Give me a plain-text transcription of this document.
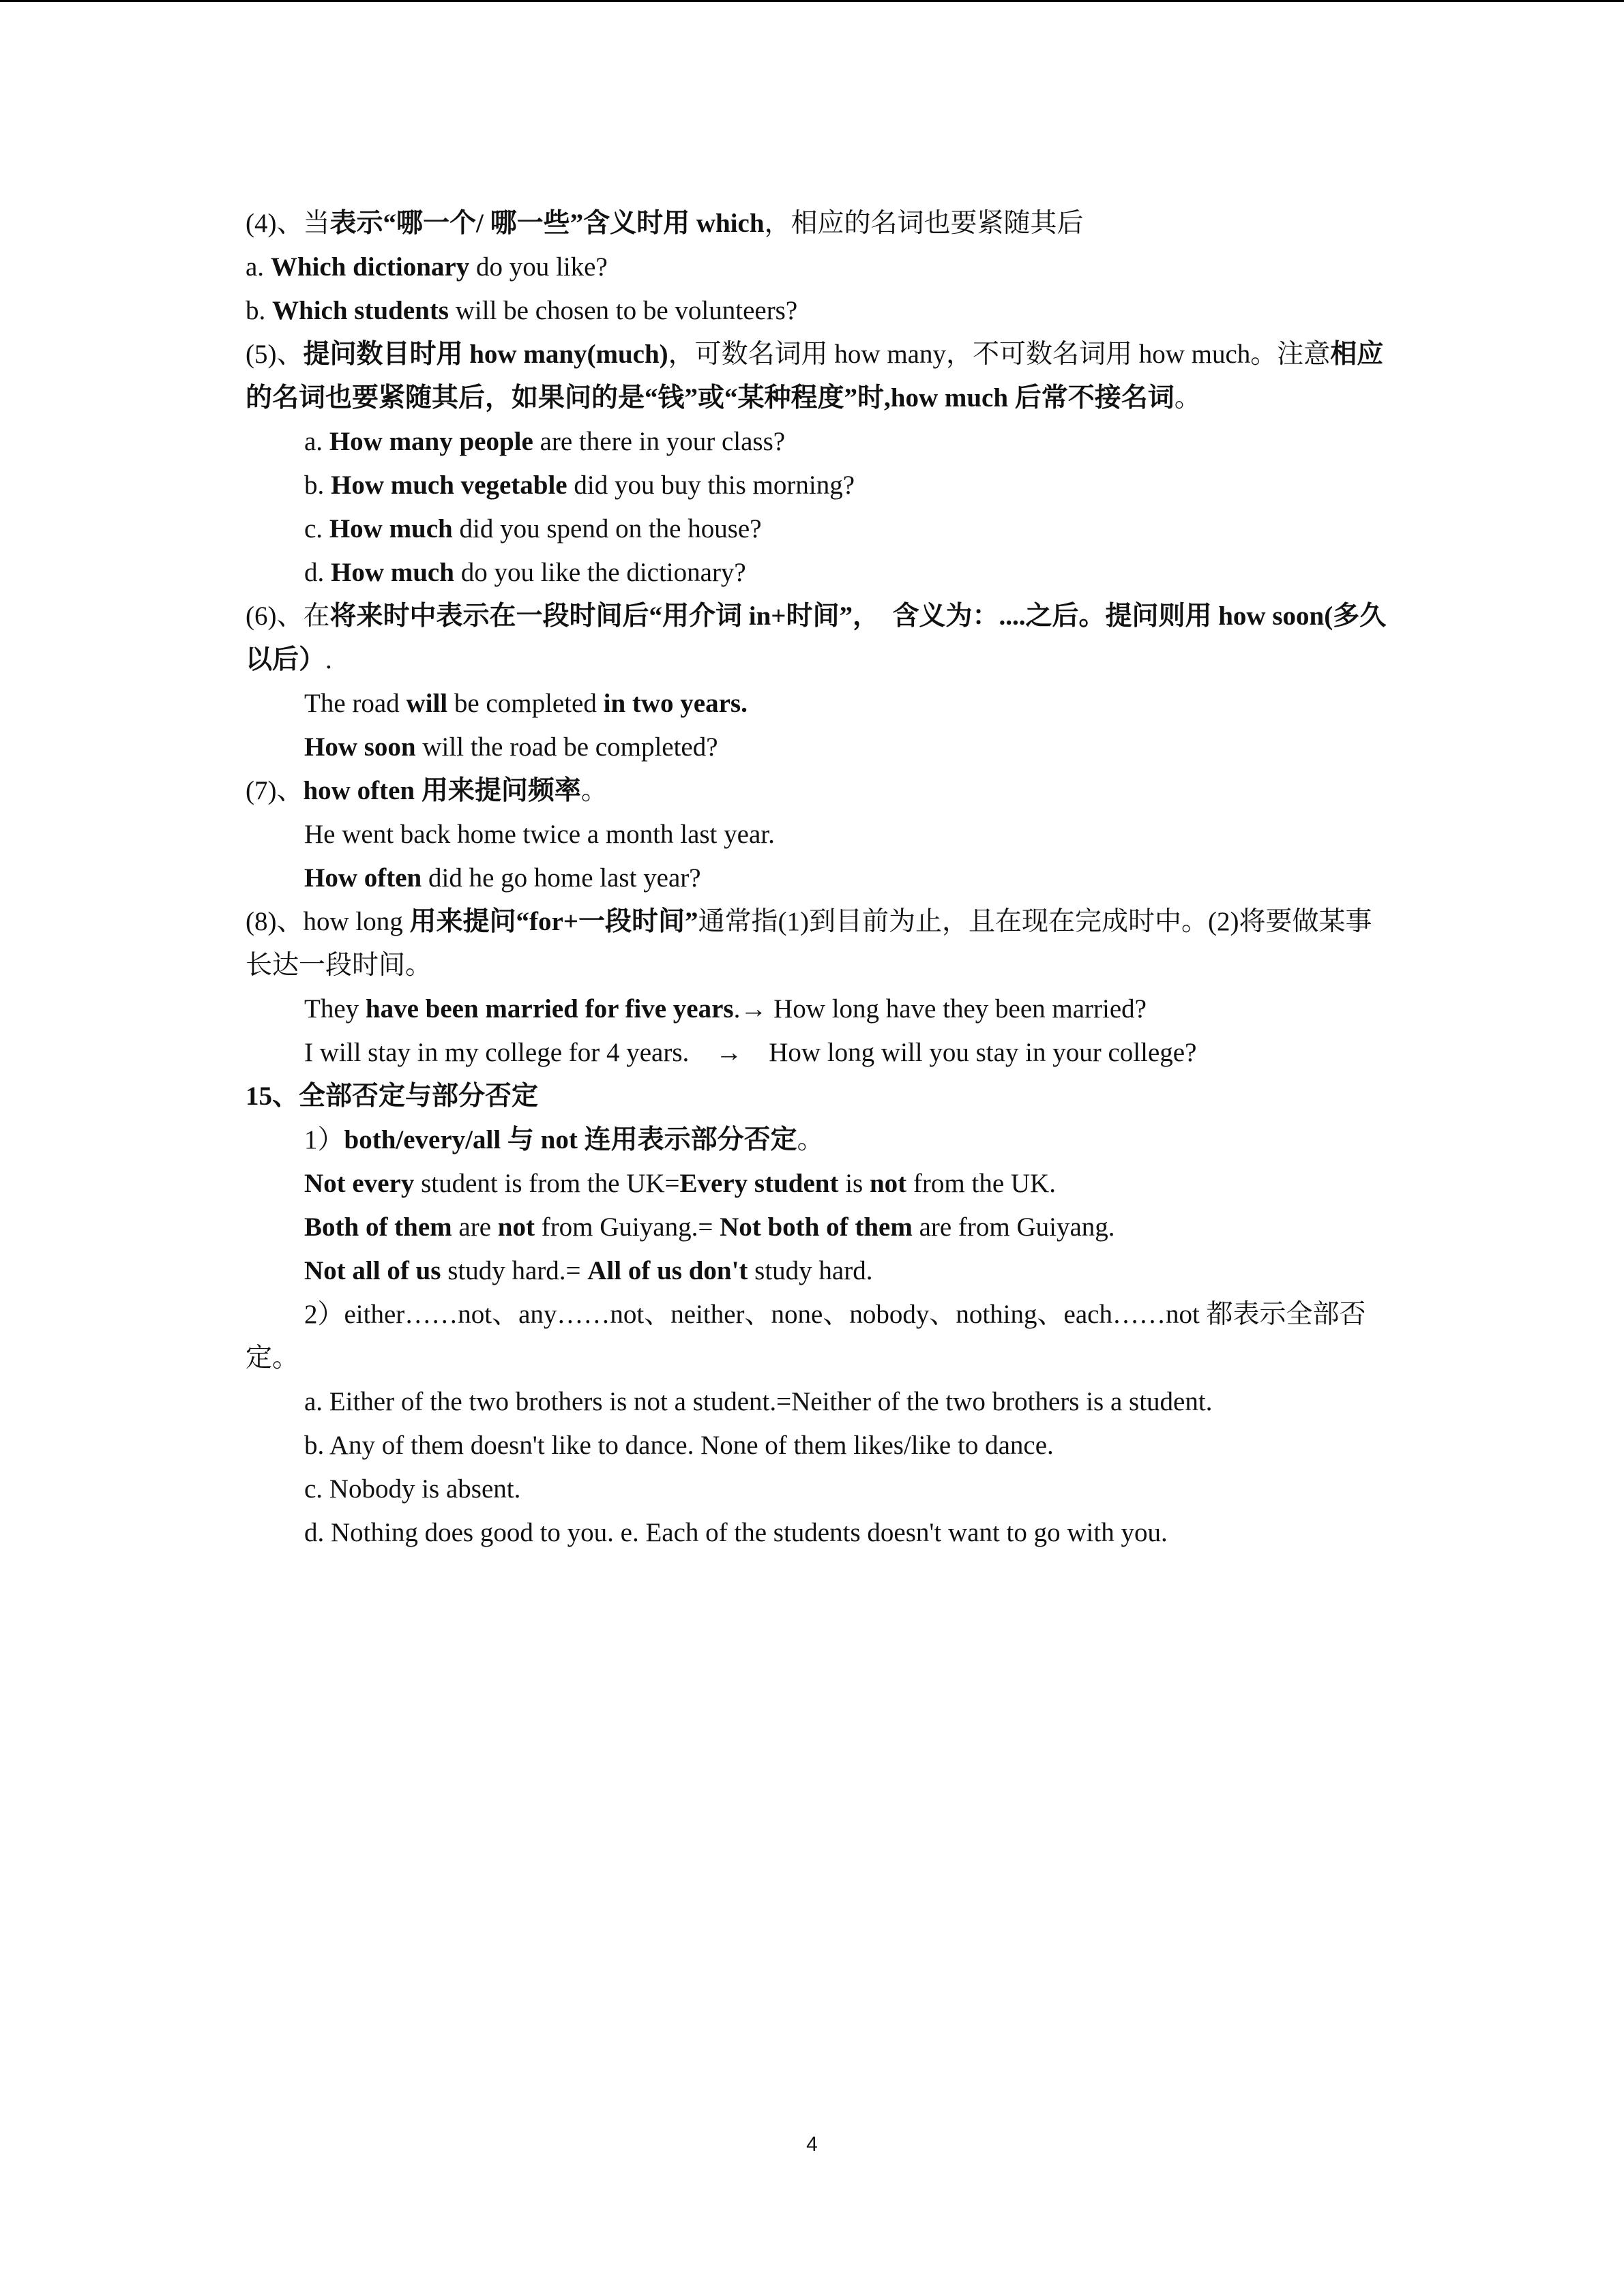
(4)、当表示“哪一个/ 哪一些”含义时用 which，相应的名词也要紧随其后
a. Which dictionary do you like?
b. Which students will be chosen to be volunteers?
(5)、提问数目时用 how many(much)，可数名词用 how many，不可数名词用 how much。注意相应的名词也要紧随其后，如果问的是“钱”或“某种程度”时,how much 后常不接名词。
a. How many people are there in your class?
b. How much vegetable did you buy this morning?
c. How much did you spend on the house?
d. How much do you like the dictionary?
(6)、在将来时中表示在一段时间后“用介词 in+时间”，　含义为：....之后。提问则用 how soon(多久以后）.
The road will be completed in two years.
How soon will the road be completed?
(7)、how often 用来提问频率。
He went back home twice a month last year.
How often did he go home last year?
(8)、how long 用来提问“for+一段时间”通常指(1)到目前为止，且在现在完成时中。(2)将要做某事长达一段时间。
They have been married for five years.→ How long have they been married?
I will stay in my college for 4 years.　→　How long will you stay in your college?
15、全部否定与部分否定
1）both/every/all 与 not 连用表示部分否定。
Not every student is from the UK=Every student is not from the UK.
Both of them are not from Guiyang.= Not both of them are from Guiyang.
Not all of us study hard.= All of us don't study hard.
2）either……not、any……not、neither、none、nobody、nothing、each……not 都表示全部否定。
a. Either of the two brothers is not a student.=Neither of the two brothers is a student.
b. Any of them doesn't like to dance. None of them likes/like to dance.
c. Nobody is absent.
d. Nothing does good to you. e. Each of the students doesn't want to go with you.
4
